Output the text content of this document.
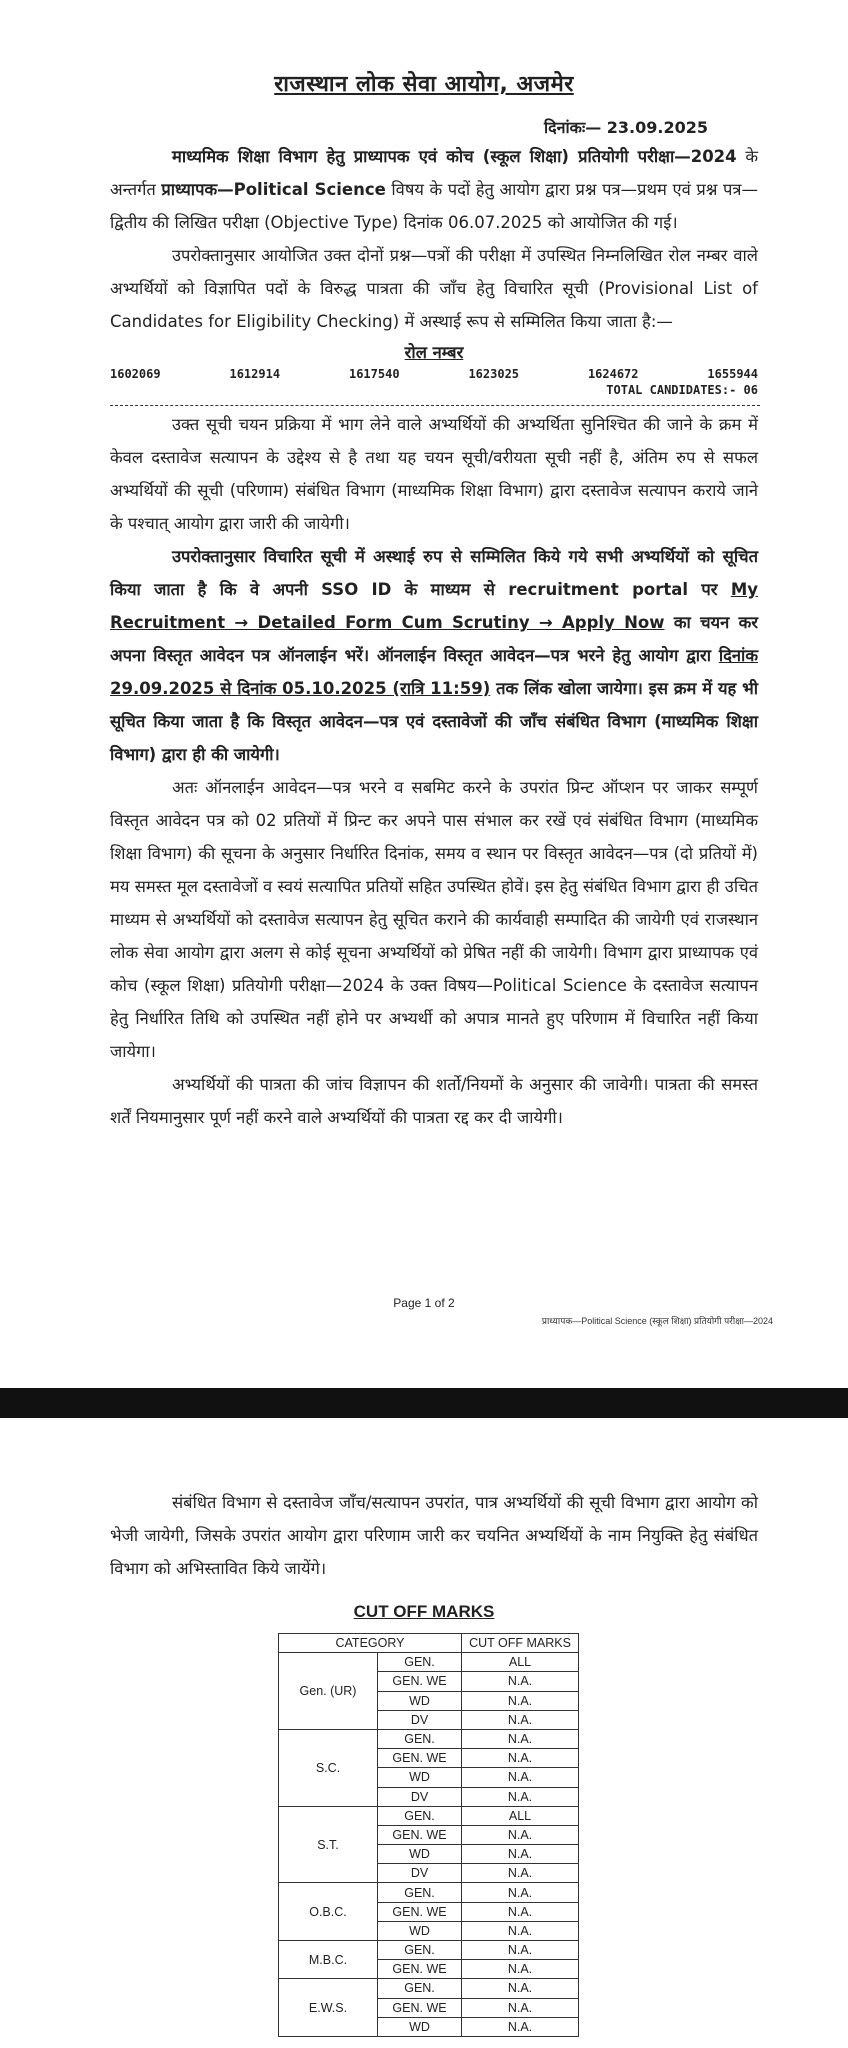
राजस्थान लोक सेवा आयोग, अजमेर
दिनांकः— 23.09.2025

माध्यमिक शिक्षा विभाग हेतु प्राध्यापक एवं कोच (स्कूल शिक्षा) प्रतियोगी परीक्षा—2024 के अन्तर्गत प्राध्यापक—Political Science विषय के पदों हेतु आयोग द्वारा प्रश्न पत्र—प्रथम एवं प्रश्न पत्र—द्वितीय की लिखित परीक्षा (Objective Type) दिनांक 06.07.2025 को आयोजित की गई।

उपरोक्तानुसार आयोजित उक्त दोनों प्रश्न—पत्रों की परीक्षा में उपस्थित निम्नलिखित रोल नम्बर वाले अभ्यर्थियों को विज्ञापित पदों के विरुद्ध पात्रता की जाँच हेतु विचारित सूची (Provisional List of Candidates for Eligibility Checking) में अस्थाई रूप से सम्मिलित किया जाता है:—

रोल नम्बर

1602069	1612914	1617540	1623025	1624672	1655944
TOTAL CANDIDATES:- 06

उक्त सूची चयन प्रक्रिया में भाग लेने वाले अभ्यर्थियों की अभ्यर्थिता सुनिश्चित की जाने के क्रम में केवल दस्तावेज सत्यापन के उद्देश्य से है तथा यह चयन सूची/वरीयता सूची नहीं है, अंतिम रुप से सफल अभ्यर्थियों की सूची (परिणाम) संबंधित विभाग (माध्यमिक शिक्षा विभाग) द्वारा दस्तावेज सत्यापन कराये जाने के पश्चात् आयोग द्वारा जारी की जायेगी।

उपरोक्तानुसार विचारित सूची में अस्थाई रुप से सम्मिलित किये गये सभी अभ्यर्थियों को सूचित किया जाता है कि वे अपनी SSO ID के माध्यम से recruitment portal पर My Recruitment → Detailed Form Cum Scrutiny → Apply Now का चयन कर अपना विस्तृत आवेदन पत्र ऑनलाईन भरें। ऑनलाईन विस्तृत आवेदन—पत्र भरने हेतु आयोग द्वारा दिनांक 29.09.2025 से दिनांक 05.10.2025 (रात्रि 11:59) तक लिंक खोला जायेगा। इस क्रम में यह भी सूचित किया जाता है कि विस्तृत आवेदन—पत्र एवं दस्तावेजों की जाँच संबंधित विभाग (माध्यमिक शिक्षा विभाग) द्वारा ही की जायेगी।

अतः ऑनलाईन आवेदन—पत्र भरने व सबमिट करने के उपरांत प्रिन्ट ऑप्शन पर जाकर सम्पूर्ण विस्तृत आवेदन पत्र को 02 प्रतियों में प्रिन्ट कर अपने पास संभाल कर रखें एवं संबंधित विभाग (माध्यमिक शिक्षा विभाग) की सूचना के अनुसार निर्धारित दिनांक, समय व स्थान पर विस्तृत आवेदन—पत्र (दो प्रतियों में) मय समस्त मूल दस्तावेजों व स्वयं सत्यापित प्रतियों सहित उपस्थित होवें। इस हेतु संबंधित विभाग द्वारा ही उचित माध्यम से अभ्यर्थियों को दस्तावेज सत्यापन हेतु सूचित कराने की कार्यवाही सम्पादित की जायेगी एवं राजस्थान लोक सेवा आयोग द्वारा अलग से कोई सूचना अभ्यर्थियों को प्रेषित नहीं की जायेगी। विभाग द्वारा प्राध्यापक एवं कोच (स्कूल शिक्षा) प्रतियोगी परीक्षा—2024 के उक्त विषय—Political Science के दस्तावेज सत्यापन हेतु निर्धारित तिथि को उपस्थित नहीं होने पर अभ्यर्थी को अपात्र मानते हुए परिणाम में विचारित नहीं किया जायेगा।

अभ्यर्थियों की पात्रता की जांच विज्ञापन की शर्तो/नियमों के अनुसार की जावेगी। पात्रता की समस्त शर्तें नियमानुसार पूर्ण नहीं करने वाले अभ्यर्थियों की पात्रता रद्द कर दी जायेगी।

Page 1 of 2
प्राध्यापक—Political Science (स्कूल शिक्षा) प्रतियोगी परीक्षा—2024

संबंधित विभाग से दस्तावेज जाँच/सत्यापन उपरांत, पात्र अभ्यर्थियों की सूची विभाग द्वारा आयोग को भेजी जायेगी, जिसके उपरांत आयोग द्वारा परिणाम जारी कर चयनित अभ्यर्थियों के नाम नियुक्ति हेतु संबंधित विभाग को अभिस्तावित किये जायेंगे।

CUT OFF MARKS
CATEGORY		CUT OFF MARKS
Gen. (UR)	GEN.	ALL
	GEN. WE	N.A.
	WD	N.A.
	DV	N.A.
S.C.	GEN.	N.A.
	GEN. WE	N.A.
	WD	N.A.
	DV	N.A.
S.T.	GEN.	ALL
	GEN. WE	N.A.
	WD	N.A.
	DV	N.A.
O.B.C.	GEN.	N.A.
	GEN. WE	N.A.
	WD	N.A.
M.B.C.	GEN.	N.A.
	GEN. WE	N.A.
E.W.S.	GEN.	N.A.
	GEN. WE	N.A.
	WD	N.A.
